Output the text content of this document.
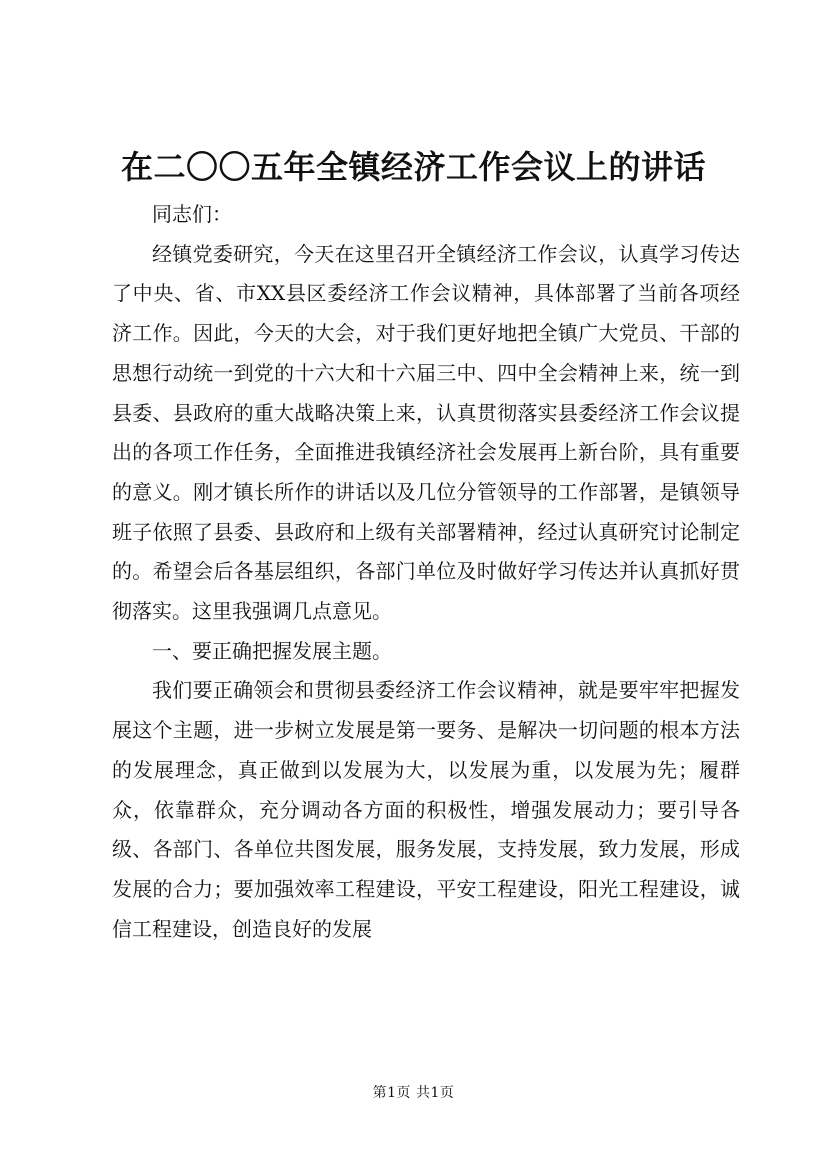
在二〇〇五年全镇经济工作会议上的讲话

同志们：

经镇党委研究，今天在这里召开全镇经济工作会议，认真学习传达了中央、省、市XX县区委经济工作会议精神，具体部署了当前各项经济工作。因此，今天的大会，对于我们更好地把全镇广大党员、干部的思想行动统一到党的十六大和十六届三中、四中全会精神上来，统一到县委、县政府的重大战略决策上来，认真贯彻落实县委经济工作会议提出的各项工作任务，全面推进我镇经济社会发展再上新台阶，具有重要的意义。刚才镇长所作的讲话以及几位分管领导的工作部署，是镇领导班子依照了县委、县政府和上级有关部署精神，经过认真研究讨论制定的。希望会后各基层组织，各部门单位及时做好学习传达并认真抓好贯彻落实。这里我强调几点意见。

一、要正确把握发展主题。

我们要正确领会和贯彻县委经济工作会议精神，就是要牢牢把握发展这个主题，进一步树立发展是第一要务、是解决一切问题的根本方法的发展理念，真正做到以发展为大，以发展为重，以发展为先；履群众，依靠群众，充分调动各方面的积极性，增强发展动力；要引导各级、各部门、各单位共图发展，服务发展，支持发展，致力发展，形成发展的合力；要加强效率工程建设，平安工程建设，阳光工程建设，诚信工程建设，创造良好的发展

第1页 共1页
